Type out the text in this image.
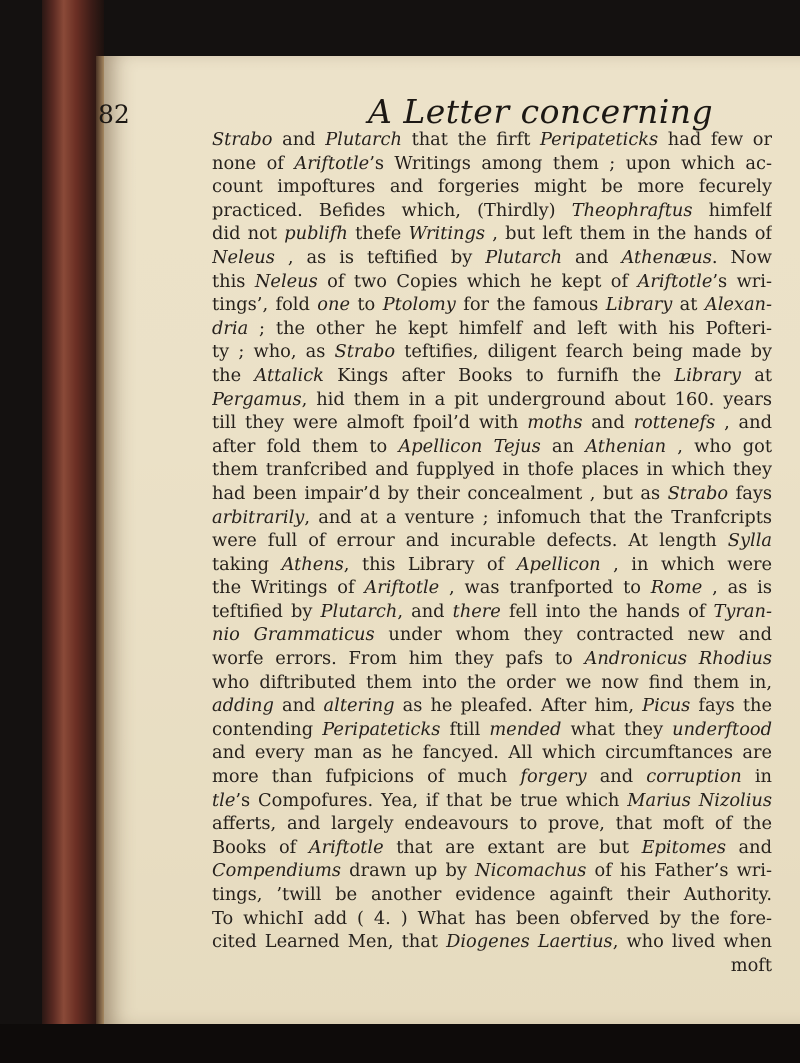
82	A Letter concerning
Strabo and Plutarch that the firft Peripateticks had few or
none of Ariftotle’s Writings among them ; upon which ac-
count impoftures and forgeries might be more fecurely
practiced. Befides which, (Thirdly) Theophraftus himfelf
did not publifh thefe Writings , but left them in the hands of
Neleus , as is teftified by Plutarch and Athenæus. Now
this Neleus of two Copies which he kept of Ariftotle’s wri-
tings’, fold one to Ptolomy for the famous Library at Alexan-
dria ; the other he kept himfelf and left with his Pofteri-
ty ; who, as Strabo teftifies, diligent fearch being made by
the Attalick Kings after Books to furnifh the Library at
Pergamus, hid them in a pit underground about 160. years
till they were almoft fpoil’d with moths and rottenefs , and
after fold them to Apellicon Tejus an Athenian , who got
them tranfcribed and fupplyed in thofe places in which they
had been impair’d by their concealment , but as Strabo fays
arbitrarily, and at a venture ; infomuch that the Tranfcripts
were full of errour and incurable defects. At length Sylla
taking Athens, this Library of Apellicon , in which were
the Writings of Ariftotle , was tranfported to Rome , as is
teftified by Plutarch, and there fell into the hands of Tyran-
nio Grammaticus under whom they contracted new and
worfe errors. From him they pafs to Andronicus Rhodius
who diftributed them into the order we now find them in,
adding and altering as he pleafed. After him, Picus fays the
contending Peripateticks ftill mended what they underftood
and every man as he fancyed. All which circumftances are
more than fufpicions of much forgery and corruption in
tle’s Compofures. Yea, if that be true which Marius Nizolius
afferts, and largely endeavours to prove, that moft of the
Books of Ariftotle that are extant are but Epitomes and
Compendiums drawn up by Nicomachus of his Father’s wri-
tings, ’twill be another evidence againft their Authority.
To whichI add ( 4. ) What has been obferved by the fore-
cited Learned Men, that Diogenes Laertius, who lived when
moft
